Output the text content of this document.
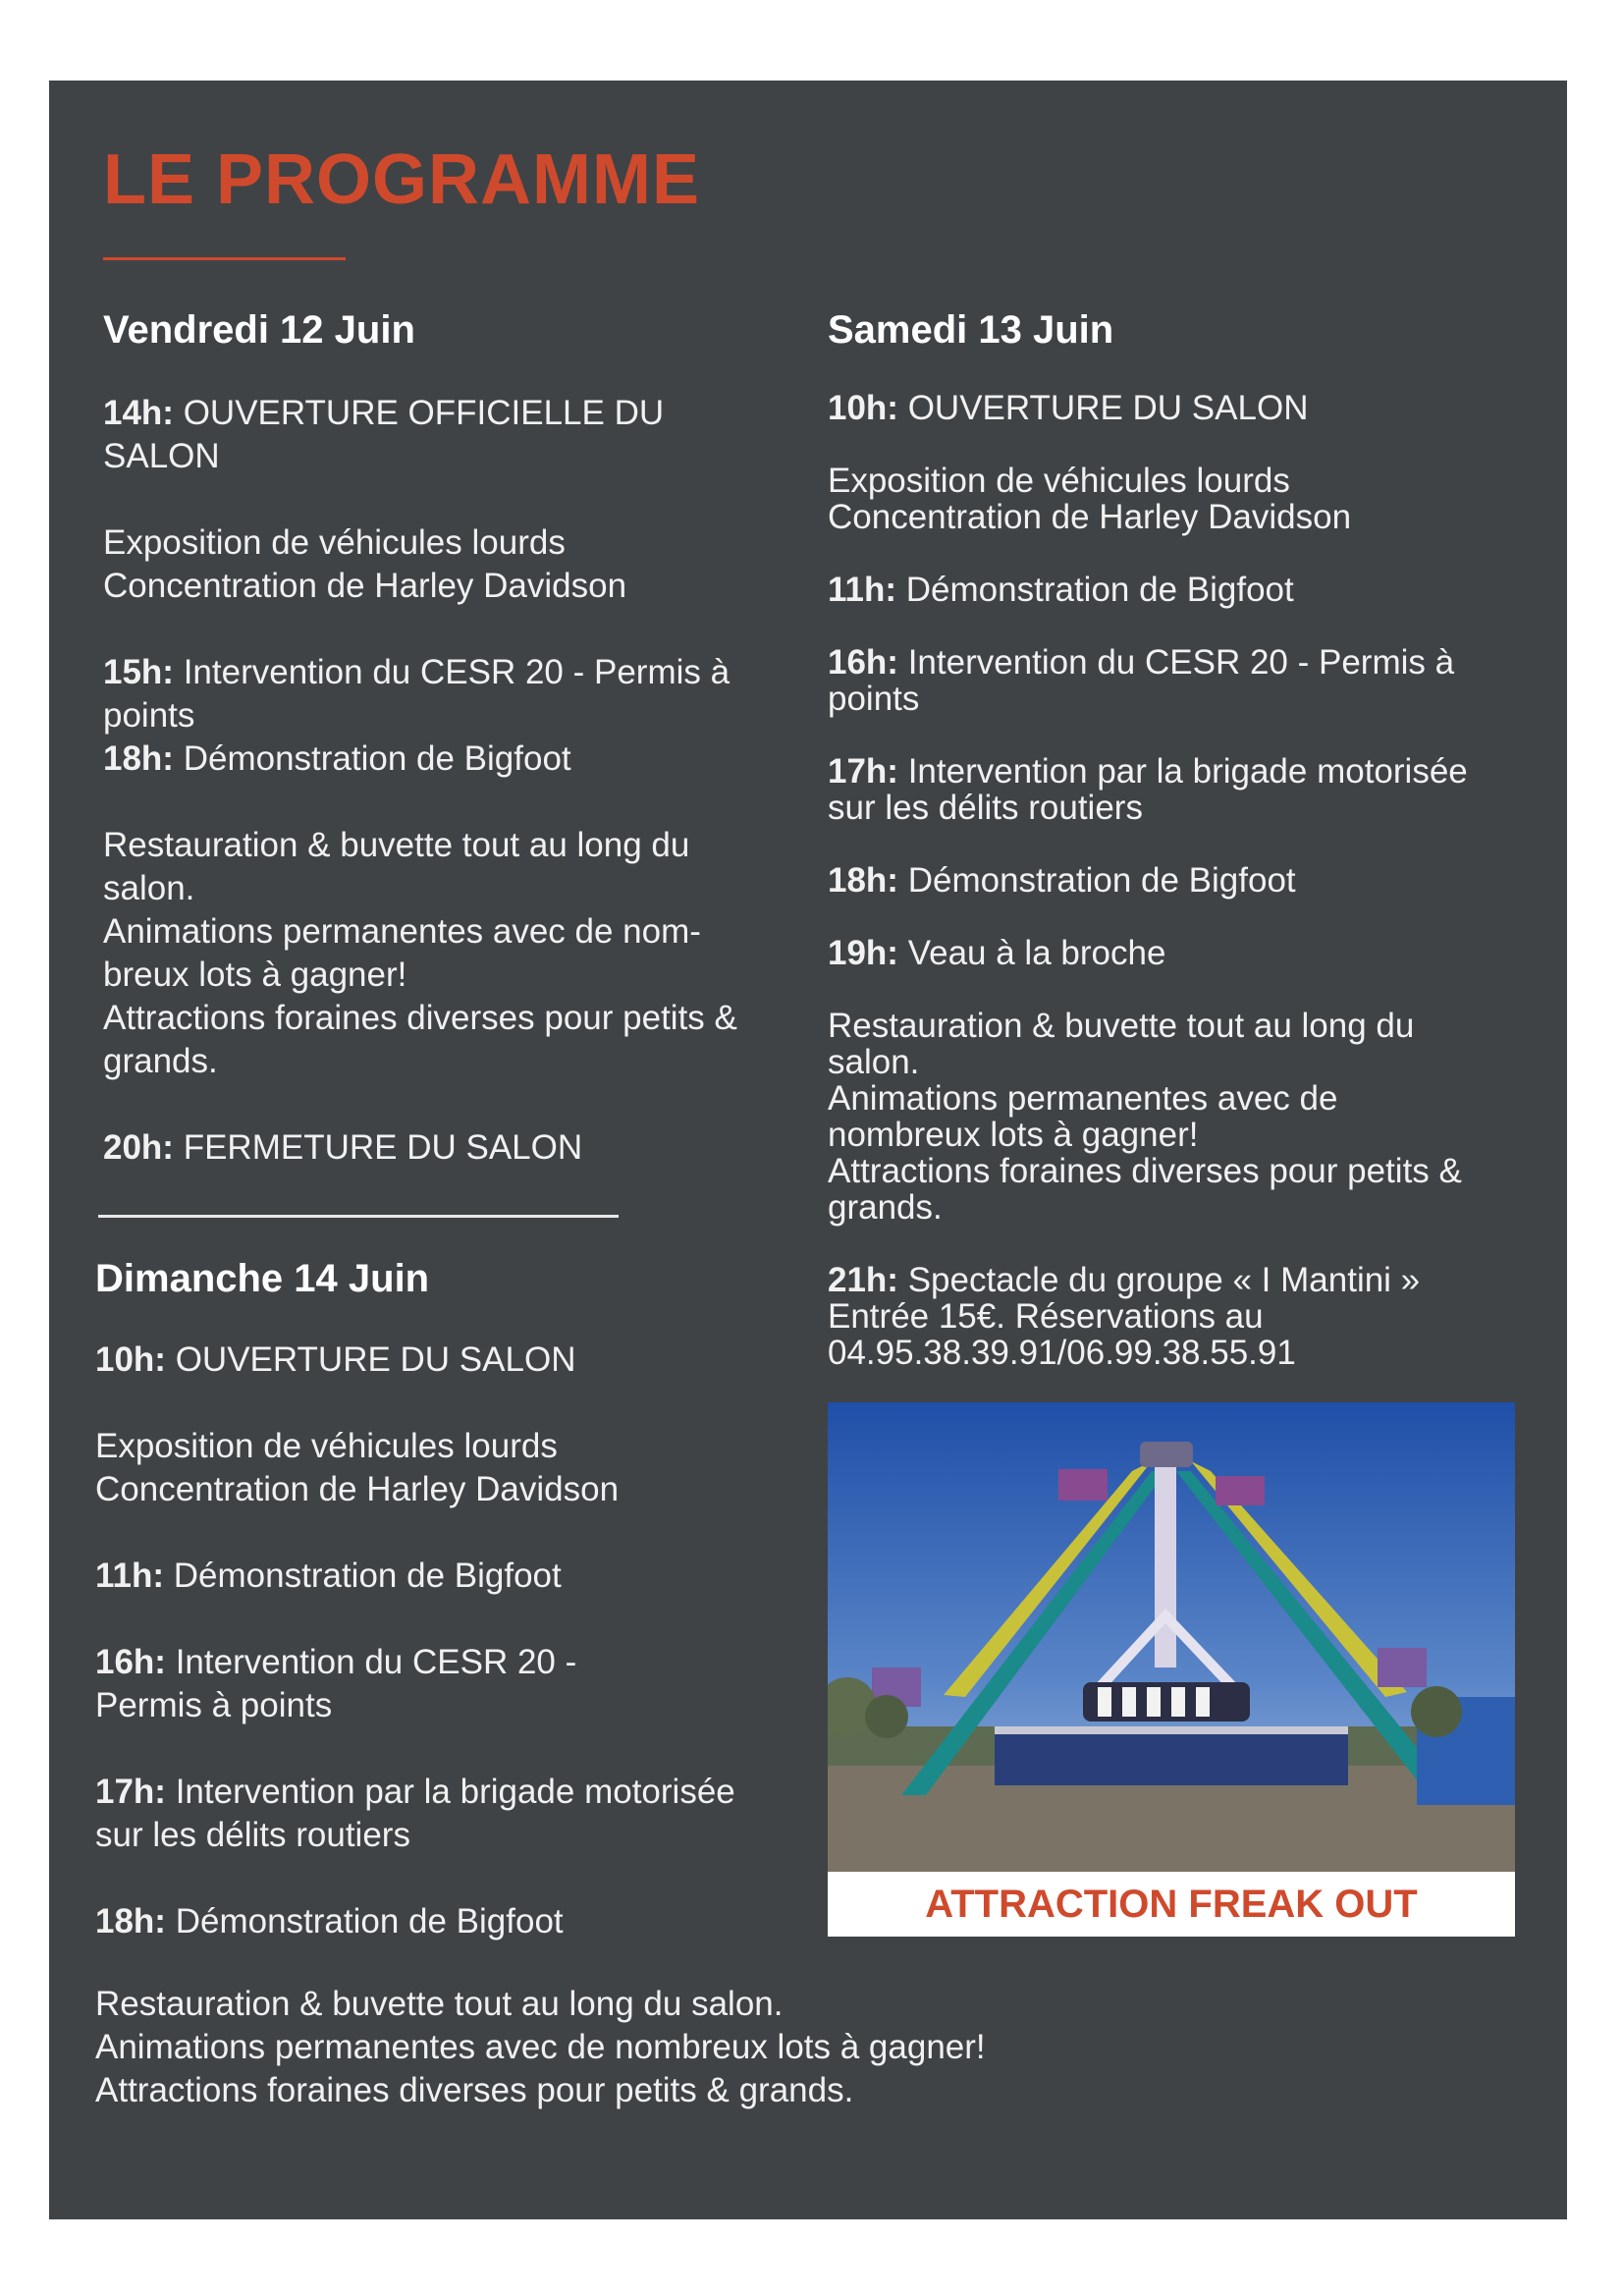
LE PROGRAMME
Vendredi 12 Juin

14h: OUVERTURE OFFICIELLE DU
SALON

Exposition de véhicules lourds
Concentration de Harley Davidson

15h: Intervention du CESR 20 - Permis à
points

18h: Démonstration de Bigfoot

Restauration & buvette tout au long du
salon.
Animations permanentes avec de nom-
breux lots à gagner!
Attractions foraines diverses pour petits &
grands.

20h: FERMETURE DU SALON

Dimanche 14 Juin

10h: OUVERTURE DU SALON

Exposition de véhicules lourds
Concentration de Harley Davidson

11h: Démonstration de Bigfoot

16h: Intervention du CESR 20 -
Permis à points

17h: Intervention par la brigade motorisée
sur les délits routiers

18h: Démonstration de Bigfoot

Samedi 13 Juin

10h: OUVERTURE DU SALON

Exposition de véhicules lourds
Concentration de Harley Davidson

11h: Démonstration de Bigfoot

16h: Intervention du CESR 20 - Permis à
points

17h: Intervention par la brigade motorisée
sur les délits routiers

18h: Démonstration de Bigfoot

19h: Veau à la broche

Restauration & buvette tout au long du
salon.
Animations permanentes avec de
nombreux lots à gagner!
Attractions foraines diverses pour petits &
grands.

21h: Spectacle du groupe « I Mantini »
Entrée 15€. Réservations au
04.95.38.39.91/06.99.38.55.91

ATTRACTION FREAK OUT

Restauration & buvette tout au long du salon.

Animations permanentes avec de nombreux lots à gagner!

Attractions foraines diverses pour petits & grands.
